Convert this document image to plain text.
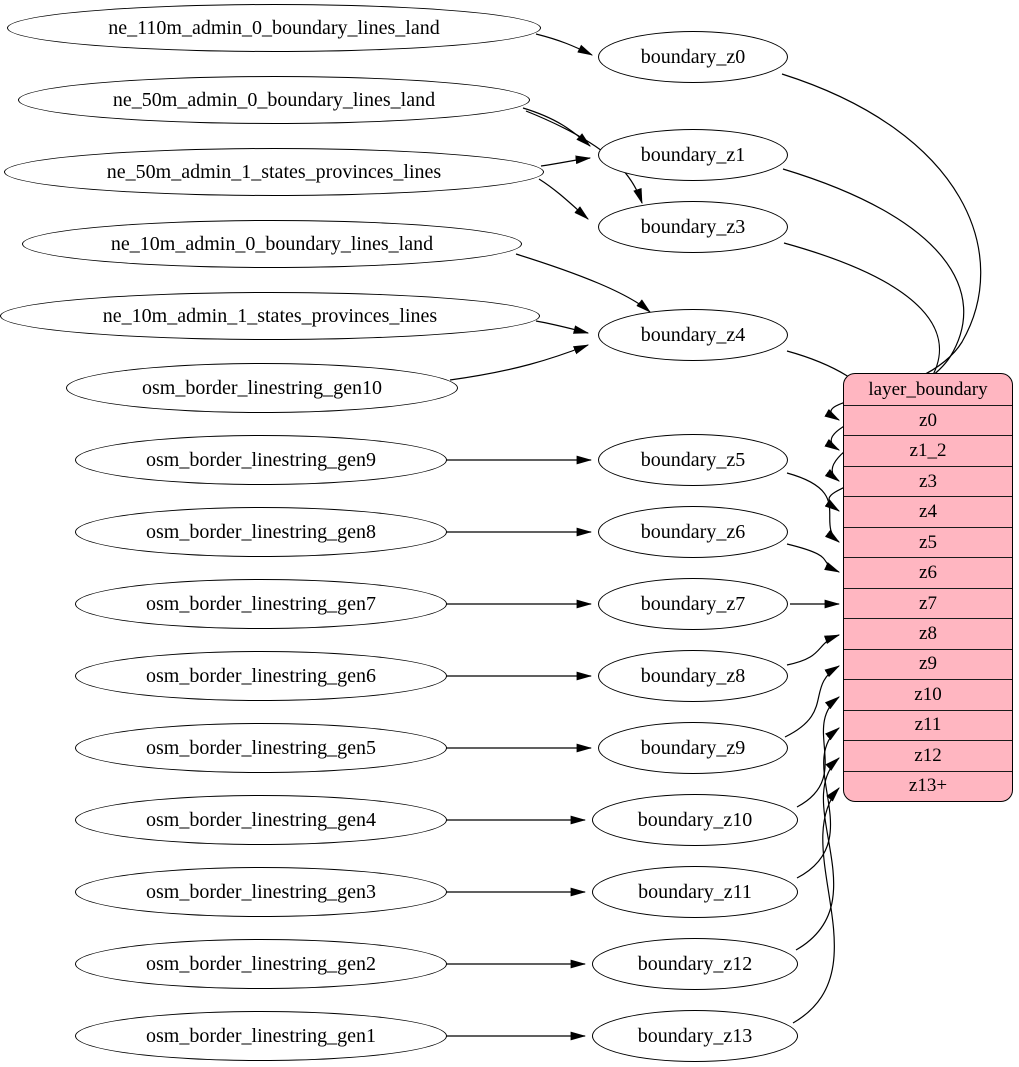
layer_boundary
z0
z1_2
z3
z4
z5
z6
z7
z8
z9
z10
z11
z12
z13+
ne_110m_admin_0_boundary_lines_land
ne_50m_admin_0_boundary_lines_land
ne_50m_admin_1_states_provinces_lines
ne_10m_admin_0_boundary_lines_land
ne_10m_admin_1_states_provinces_lines
osm_border_linestring_gen10
osm_border_linestring_gen9
osm_border_linestring_gen8
osm_border_linestring_gen7
osm_border_linestring_gen6
osm_border_linestring_gen5
osm_border_linestring_gen4
osm_border_linestring_gen3
osm_border_linestring_gen2
osm_border_linestring_gen1
boundary_z0
boundary_z1
boundary_z3
boundary_z4
boundary_z5
boundary_z6
boundary_z7
boundary_z8
boundary_z9
boundary_z10
boundary_z11
boundary_z12
boundary_z13
